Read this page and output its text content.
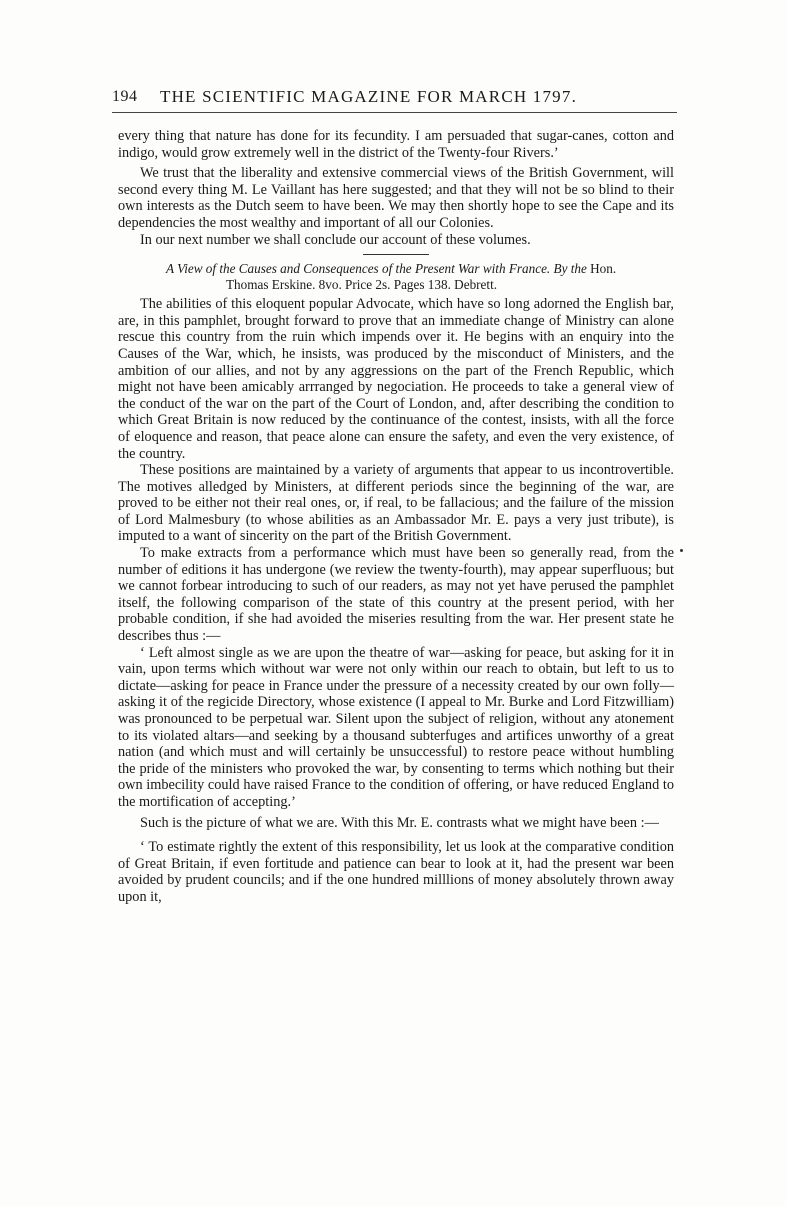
194 THE SCIENTIFIC MAGAZINE FOR MARCH 1797.

every thing that nature has done for its fecundity. I am persuaded that sugar-canes, cotton and indigo, would grow extremely well in the district of the Twenty-four Rivers.’

We trust that the liberality and extensive commercial views of the British Government, will second every thing M. Le Vaillant has here suggested; and that they will not be so blind to their own interests as the Dutch seem to have been. We may then shortly hope to see the Cape and its dependencies the most wealthy and important of all our Colonies.

In our next number we shall conclude our account of these volumes.

A View of the Causes and Consequences of the Present War with France. By the Hon.
Thomas Erskine. 8vo. Price 2s. Pages 138. Debrett.

The abilities of this eloquent popular Advocate, which have so long adorned the English bar, are, in this pamphlet, brought forward to prove that an immediate change of Ministry can alone rescue this country from the ruin which impends over it. He begins with an enquiry into the Causes of the War, which, he insists, was produced by the misconduct of Ministers, and the ambition of our allies, and not by any aggressions on the part of the French Republic, which might not have been amicably arrranged by negociation. He proceeds to take a general view of the conduct of the war on the part of the Court of London, and, after describing the condition to which Great Britain is now reduced by the continuance of the contest, insists, with all the force of eloquence and reason, that peace alone can ensure the safety, and even the very existence, of the country.

These positions are maintained by a variety of arguments that appear to us incontrovertible. The motives alledged by Ministers, at different periods since the beginning of the war, are proved to be either not their real ones, or, if real, to be fallacious; and the failure of the mission of Lord Malmesbury (to whose abilities as an Ambassador Mr. E. pays a very just tribute), is imputed to a want of sincerity on the part of the British Government.

To make extracts from a performance which must have been so generally read, from the number of editions it has undergone (we review the twenty-fourth), may appear superfluous; but we cannot forbear introducing to such of our readers, as may not yet have perused the pamphlet itself, the following comparison of the state of this country at the present period, with her probable condition, if she had avoided the miseries resulting from the war. Her present state he describes thus :—

‘ Left almost single as we are upon the theatre of war—asking for peace, but asking for it in vain, upon terms which without war were not only within our reach to obtain, but left to us to dictate—asking for peace in France under the pressure of a necessity created by our own folly—asking it of the regicide Directory, whose existence (I appeal to Mr. Burke and Lord Fitzwilliam) was pronounced to be perpetual war. Silent upon the subject of religion, without any atonement to its violated altars—and seeking by a thousand subterfuges and artifices unworthy of a great nation (and which must and will certainly be unsuccessful) to restore peace without humbling the pride of the ministers who provoked the war, by consenting to terms which nothing but their own imbecility could have raised France to the condition of offering, or have reduced England to the mortification of accepting.’

Such is the picture of what we are. With this Mr. E. contrasts what we might have been :—

‘ To estimate rightly the extent of this responsibility, let us look at the comparative condition of Great Britain, if even fortitude and patience can bear to look at it, had the present war been avoided by prudent councils; and if the one hundred milllions of money absolutely thrown away upon it,
